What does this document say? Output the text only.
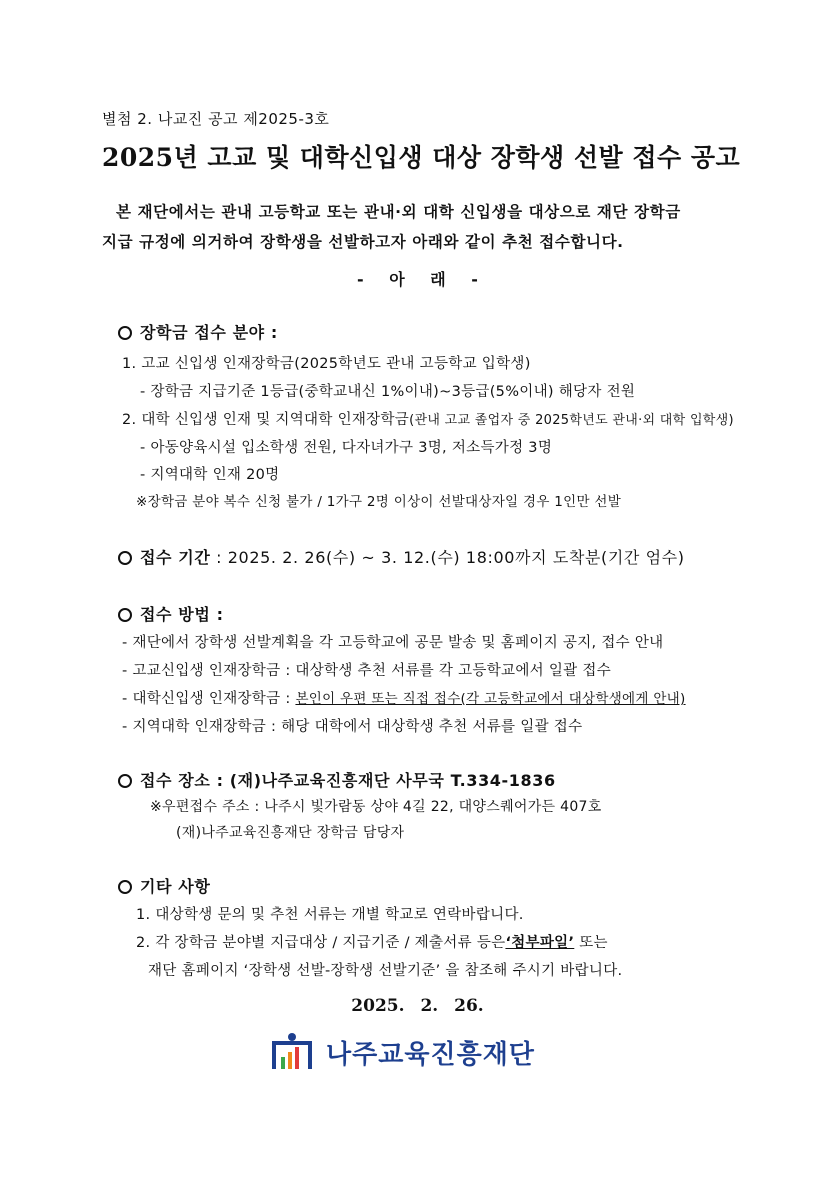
별첨 2. 나교진 공고 제2025-3호
2025년 고교 및 대학신입생 대상 장학생 선발 접수 공고
본 재단에서는 관내 고등학교 또는 관내·외 대학 신입생을 대상으로 재단 장학금
지급 규정에 의거하여 장학생을 선발하고자 아래와 같이 추천 접수합니다.
- 아 래 -
장학금 접수 분야 :
1. 고교 신입생 인재장학금(2025학년도 관내 고등학교 입학생)
- 장학금 지급기준 1등급(중학교내신 1%이내)~3등급(5%이내) 해당자 전원
2. 대학 신입생 인재 및 지역대학 인재장학금(관내 고교 졸업자 중 2025학년도 관내·외 대학 입학생)
- 아동양육시설 입소학생 전원, 다자녀가구 3명, 저소득가정 3명
- 지역대학 인재 20명
※장학금 분야 복수 신청 불가 / 1가구 2명 이상이 선발대상자일 경우 1인만 선발
접수 기간 : 2025. 2. 26(수) ~ 3. 12.(수) 18:00까지 도착분(기간 엄수)
접수 방법 :
- 재단에서 장학생 선발계획을 각 고등학교에 공문 발송 및 홈페이지 공지, 접수 안내
- 고교신입생 인재장학금 : 대상학생 추천 서류를 각 고등학교에서 일괄 접수
- 대학신입생 인재장학금 : 본인이 우편 또는 직접 접수(각 고등학교에서 대상학생에게 안내)
- 지역대학 인재장학금 : 해당 대학에서 대상학생 추천 서류를 일괄 접수
접수 장소 : (재)나주교육진흥재단 사무국 T.334-1836
※우편접수 주소 : 나주시 빛가람동 상야 4길 22, 대양스퀘어가든 407호
(재)나주교육진흥재단 장학금 담당자
기타 사항
1. 대상학생 문의 및 추천 서류는 개별 학교로 연락바랍니다.
2. 각 장학금 분야별 지급대상 / 지급기준 / 제출서류 등은‘첨부파일’ 또는
재단 홈페이지 ‘장학생 선발-장학생 선발기준’ 을 참조해 주시기 바랍니다.
2025. 2. 26.
나주교육진흥재단
